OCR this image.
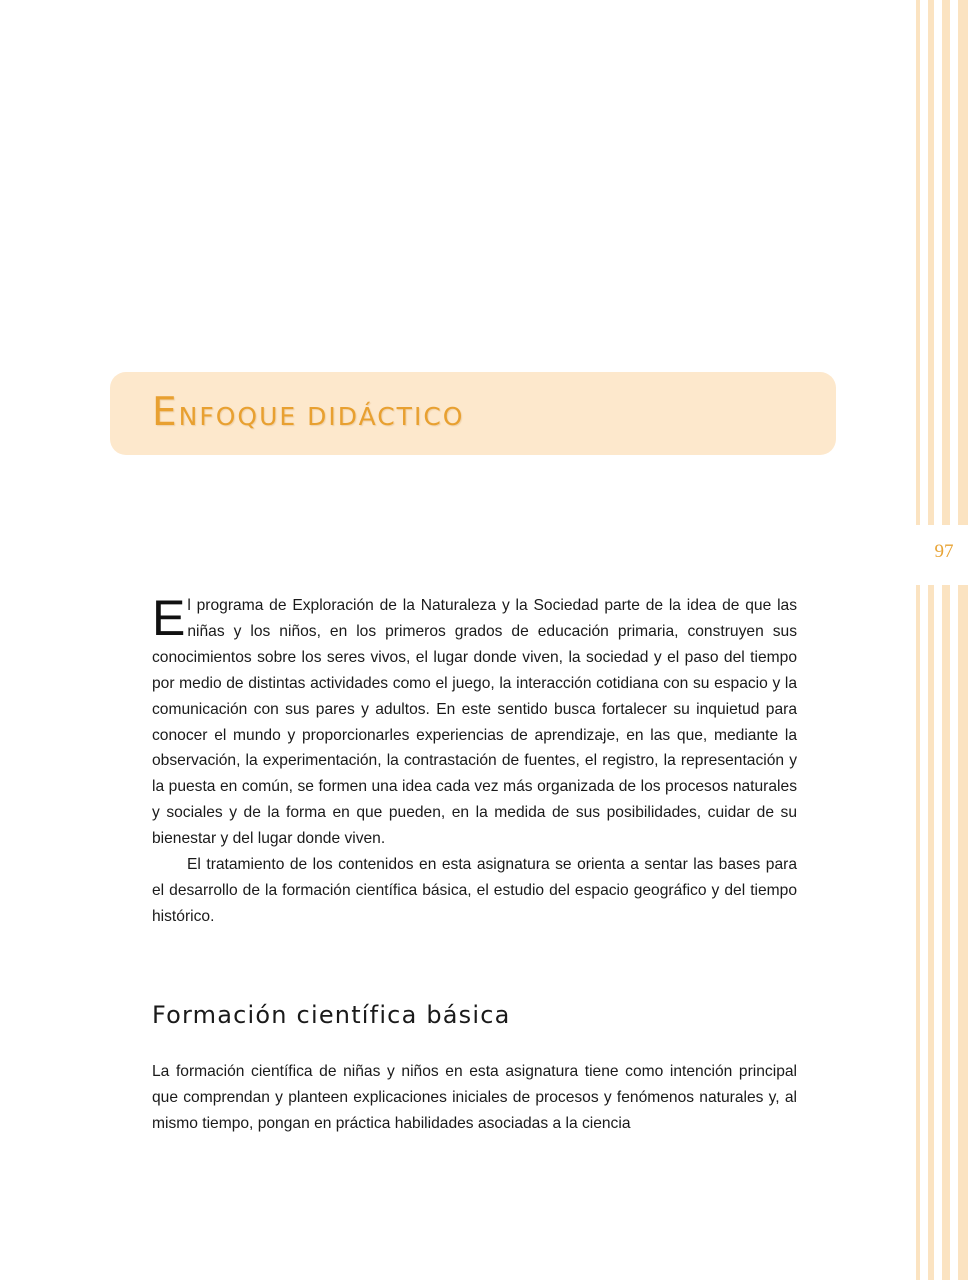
97
ENFOQUE DIDÁCTICO

El programa de Exploración de la Naturaleza y la Sociedad parte de la idea de que las niñas y los niños, en los primeros grados de educación primaria, construyen sus conocimientos sobre los seres vivos, el lugar donde viven, la sociedad y el paso del tiempo por medio de distintas actividades como el juego, la interacción cotidiana con su espacio y la comunicación con sus pares y adultos. En este sentido busca fortalecer su inquietud para conocer el mundo y proporcionarles experiencias de aprendizaje, en las que, mediante la observación, la experimentación, la contrastación de fuentes, el registro, la representación y la puesta en común, se formen una idea cada vez más organizada de los procesos naturales y sociales y de la forma en que pueden, en la medida de sus posibilidades, cuidar de su bienestar y del lugar donde viven.

El tratamiento de los contenidos en esta asignatura se orienta a sentar las bases para el desarrollo de la formación científica básica, el estudio del espacio geográfico y del tiempo histórico.

Formación científica básica

La formación científica de niñas y niños en esta asignatura tiene como intención principal que comprendan y planteen explicaciones iniciales de procesos y fenómenos naturales y, al mismo tiempo, pongan en práctica habilidades asociadas a la ciencia
